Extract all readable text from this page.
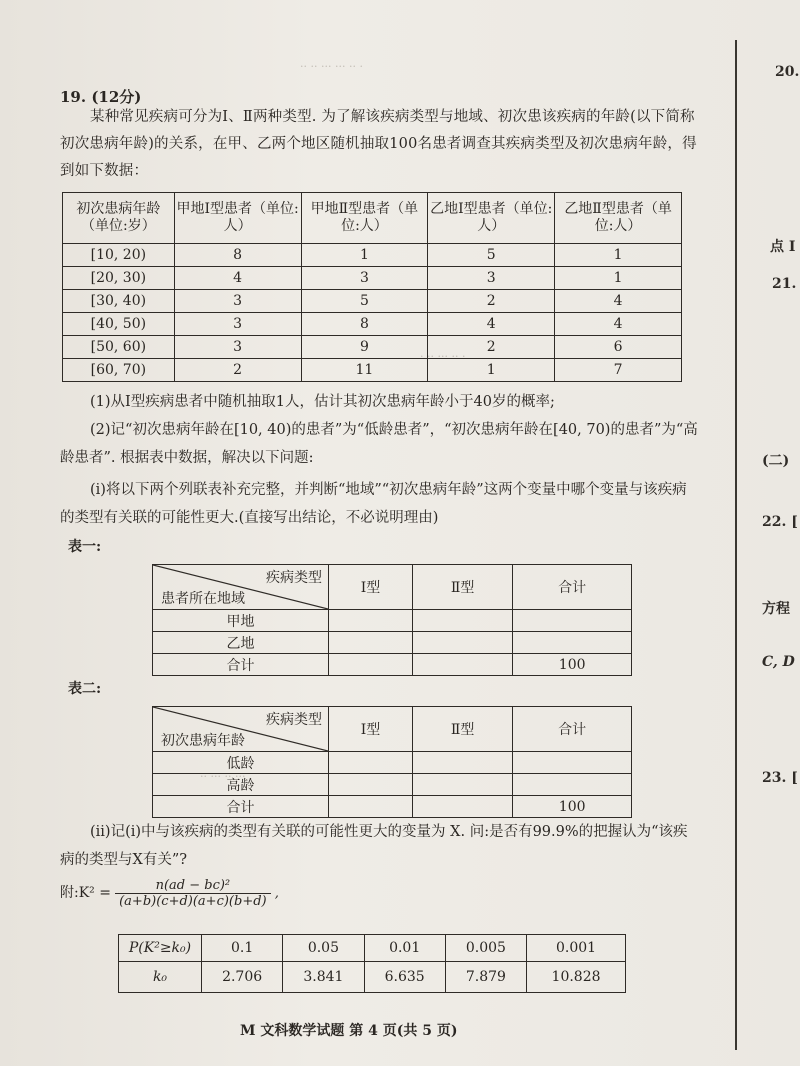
·· ·· ··· ··· ·· ·
· ·· ··· ·· ·
·· ··· ·· ···
19. (12分)
某种常见疾病可分为Ⅰ、Ⅱ两种类型. 为了解该疾病类型与地域、初次患该疾病的年龄(以下简称初次患病年龄)的关系，在甲、乙两个地区随机抽取100名患者调查其疾病类型及初次患病年龄，得到如下数据：
初次患病年龄（单位:岁）	甲地Ⅰ型患者（单位:人）	甲地Ⅱ型患者（单位:人）	乙地Ⅰ型患者（单位:人）	乙地Ⅱ型患者（单位:人）
[10, 20)	8	1	5	1
[20, 30)	4	3	3	1
[30, 40)	3	5	2	4
[40, 50)	3	8	4	4
[50, 60)	3	9	2	6
[60, 70)	2	11	1	7
(1)从Ⅰ型疾病患者中随机抽取1人，估计其初次患病年龄小于40岁的概率;
(2)记“初次患病年龄在[10, 40)的患者”为“低龄患者”，“初次患病年龄在[40, 70)的患者”为“高龄患者”. 根据表中数据，解决以下问题:
(ⅰ)将以下两个列联表补充完整，并判断“地域”“初次患病年龄”这两个变量中哪个变量与该疾病的类型有关联的可能性更大.(直接写出结论，不必说明理由)
表一:
疾病类型
患者所在地域	Ⅰ型	Ⅱ型	合计
甲地			
乙地			
合计			100
表二:
疾病类型
初次患病年龄	Ⅰ型	Ⅱ型	合计
低龄			
高龄			
合计			100
(ⅱ)记(ⅰ)中与该疾病的类型有关联的可能性更大的变量为 X. 问:是否有99.9%的把握认为“该疾病的类型与X有关”?
附:K² = $\frac{\text{n(ad − bc)²}}{(a+b)(c+d)(a+c)(b+d)}$ ,
P(K²≥k₀)	0.1	0.05	0.01	0.005	0.001
k₀	2.706	3.841	6.635	7.879	10.828
M 文科数学试题 第 4 页(共 5 页)
20.
点 I
21.
(二)
22. [
方程
C, D
23. [
